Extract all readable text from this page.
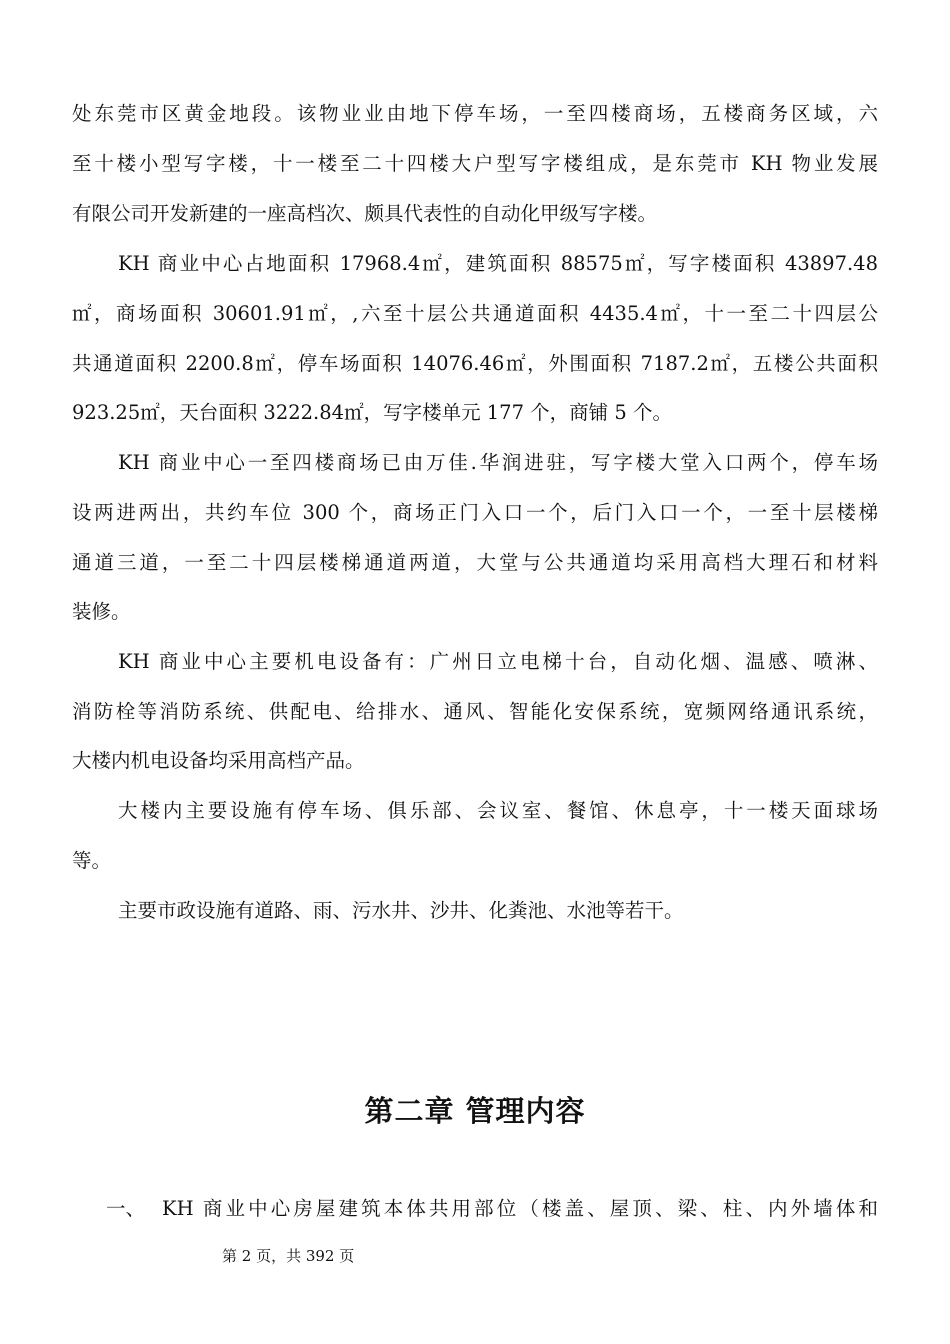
处东莞市区黄金地段。该物业业由地下停车场，一至四楼商场，五楼商务区域，六
至十楼小型写字楼，十一楼至二十四楼大户型写字楼组成，是东莞市 KH 物业发展
有限公司开发新建的一座高档次、颇具代表性的自动化甲级写字楼。
KH 商业中心占地面积 17968.4㎡，建筑面积 88575㎡，写字楼面积 43897.48
㎡，商场面积 30601.91㎡，,六至十层公共通道面积 4435.4㎡，十一至二十四层公
共通道面积 2200.8㎡，停车场面积 14076.46㎡，外围面积 7187.2㎡，五楼公共面积
923.25㎡，天台面积 3222.84㎡，写字楼单元 177 个，商铺 5 个。
KH 商业中心一至四楼商场已由万佳.华润进驻，写字楼大堂入口两个，停车场
设两进两出，共约车位 300 个，商场正门入口一个，后门入口一个，一至十层楼梯
通道三道，一至二十四层楼梯通道两道，大堂与公共通道均采用高档大理石和材料
装修。
KH 商业中心主要机电设备有：广州日立电梯十台，自动化烟、温感、喷淋、
消防栓等消防系统、供配电、给排水、通风、智能化安保系统，宽频网络通讯系统，
大楼内机电设备均采用高档产品。
大楼内主要设施有停车场、俱乐部、会议室、餐馆、休息亭，十一楼天面球场
等。
主要市政设施有道路、雨、污水井、沙井、化粪池、水池等若干。
第二章 管理内容
一、 KH 商业中心房屋建筑本体共用部位（楼盖、屋顶、梁、柱、内外墙体和
第 2 页，共 392 页
